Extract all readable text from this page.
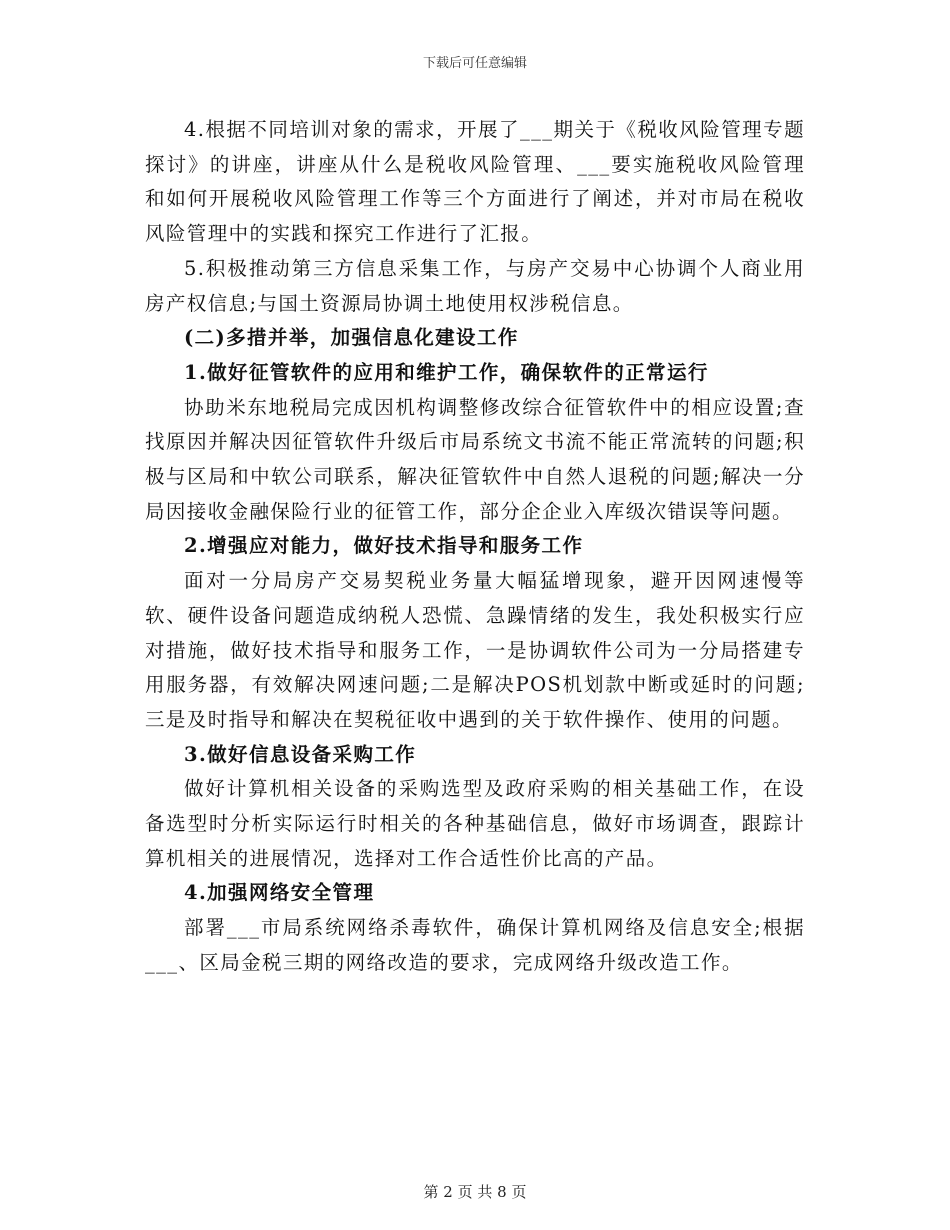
下载后可任意编辑

4.根据不同培训对象的需求，开展了___期关于《税收风险管理专题探讨》的讲座，讲座从什么是税收风险管理、___要实施税收风险管理和如何开展税收风险管理工作等三个方面进行了阐述，并对市局在税收风险管理中的实践和探究工作进行了汇报。

5.积极推动第三方信息采集工作，与房产交易中心协调个人商业用房产权信息;与国土资源局协调土地使用权涉税信息。

(二)多措并举，加强信息化建设工作

1.做好征管软件的应用和维护工作，确保软件的正常运行

协助米东地税局完成因机构调整修改综合征管软件中的相应设置;查找原因并解决因征管软件升级后市局系统文书流不能正常流转的问题;积极与区局和中软公司联系，解决征管软件中自然人退税的问题;解决一分局因接收金融保险行业的征管工作，部分企企业入库级次错误等问题。

2.增强应对能力，做好技术指导和服务工作

面对一分局房产交易契税业务量大幅猛增现象，避开因网速慢等软、硬件设备问题造成纳税人恐慌、急躁情绪的发生，我处积极实行应对措施，做好技术指导和服务工作，一是协调软件公司为一分局搭建专用服务器，有效解决网速问题;二是解决POS机划款中断或延时的问题;三是及时指导和解决在契税征收中遇到的关于软件操作、使用的问题。

3.做好信息设备采购工作

做好计算机相关设备的采购选型及政府采购的相关基础工作，在设备选型时分析实际运行时相关的各种基础信息，做好市场调查，跟踪计算机相关的进展情况，选择对工作合适性价比高的产品。

4.加强网络安全管理

部署___市局系统网络杀毒软件，确保计算机网络及信息安全;根据___、区局金税三期的网络改造的要求，完成网络升级改造工作。

第 2 页 共 8 页
